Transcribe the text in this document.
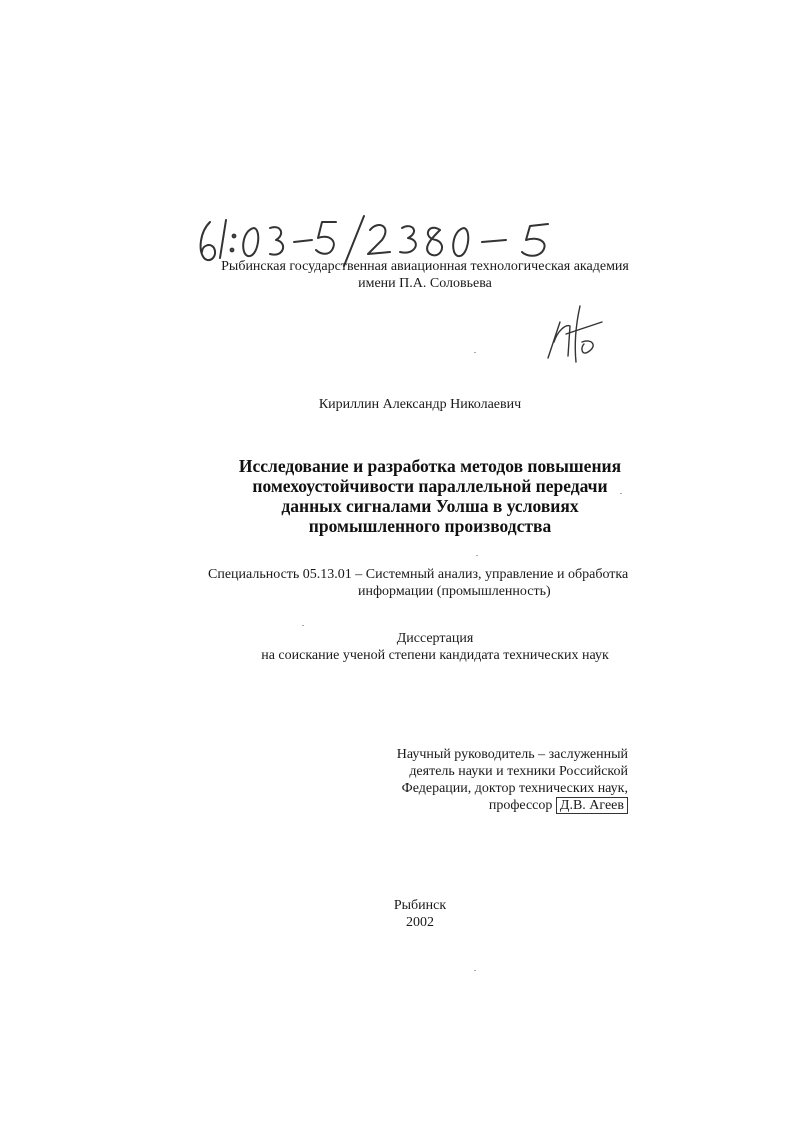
Рыбинская государственная авиационная технологическая академия
имени П.А. Соловьева
Кириллин Александр Николаевич
Исследование и разработка методов повышения
помехоустойчивости параллельной передачи
данных сигналами Уолша в условиях
промышленного производства
Специальность 05.13.01 – Системный анализ, управление и обработка
информации (промышленность)
Диссертация
на соискание ученой степени кандидата технических наук
Научный руководитель – заслуженный
деятель науки и техники Российской
Федерации, доктор технических наук,
профессор Д.В. Агеев
Рыбинск
2002
